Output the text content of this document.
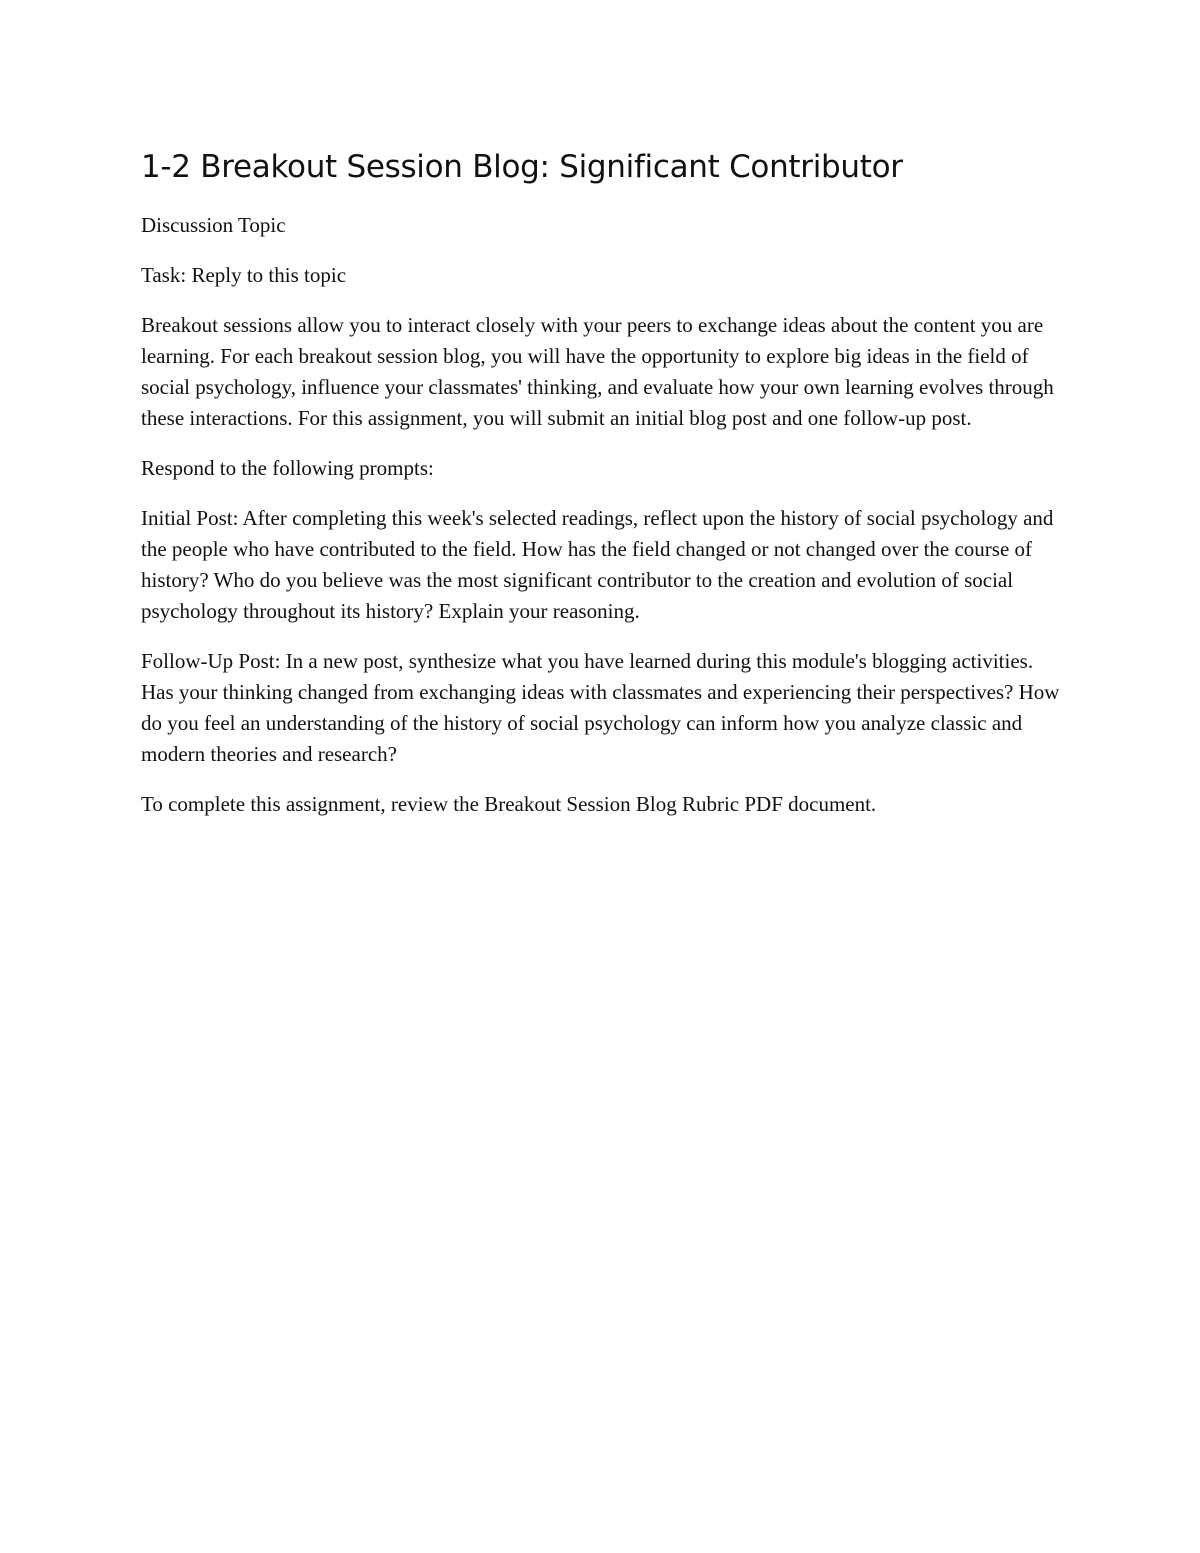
1-2 Breakout Session Blog: Significant Contributor

Discussion Topic

Task: Reply to this topic

Breakout sessions allow you to interact closely with your peers to exchange ideas about the content you are learning. For each breakout session blog, you will have the opportunity to explore big ideas in the field of social psychology, influence your classmates' thinking, and evaluate how your own learning evolves through these interactions. For this assignment, you will submit an initial blog post and one follow-up post.

Respond to the following prompts:

Initial Post: After completing this week's selected readings, reflect upon the history of social psychology and the people who have contributed to the field. How has the field changed or not changed over the course of history? Who do you believe was the most significant contributor to the creation and evolution of social psychology throughout its history? Explain your reasoning.

Follow-Up Post: In a new post, synthesize what you have learned during this module's blogging activities. Has your thinking changed from exchanging ideas with classmates and experiencing their perspectives? How do you feel an understanding of the history of social psychology can inform how you analyze classic and modern theories and research?

To complete this assignment, review the Breakout Session Blog Rubric PDF document.
